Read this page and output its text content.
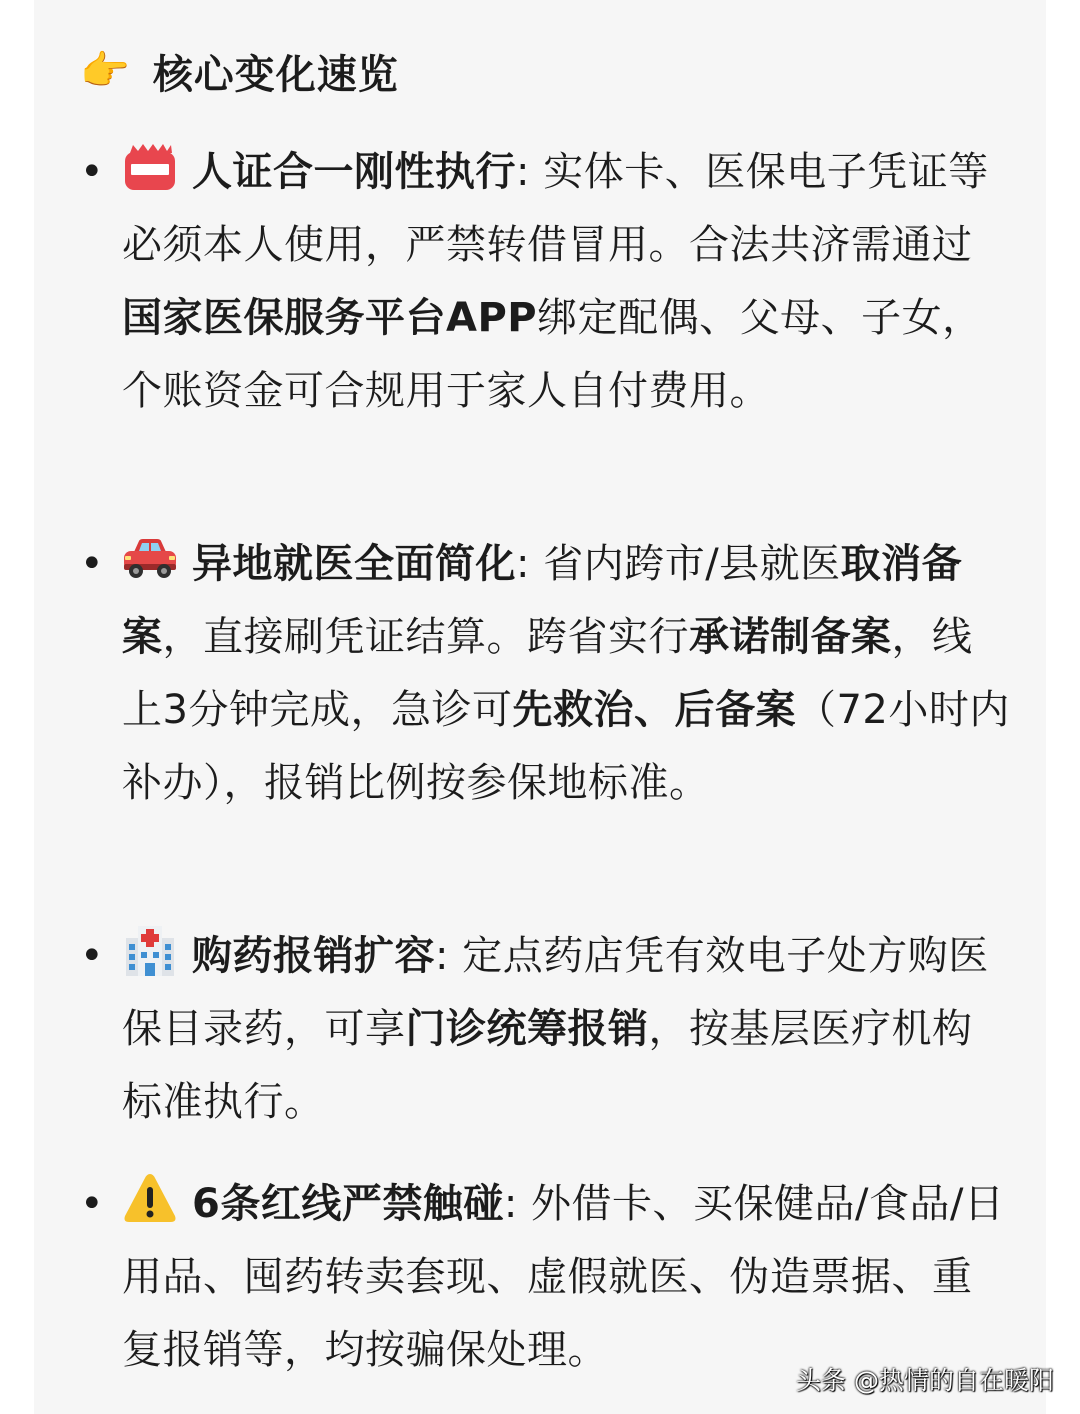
👉 核心变化速览
• 人证合一刚性执行: 实体卡、医保电子凭证等必须本人使用，严禁转借冒用。合法共济需通过国家医保服务平台APP绑定配偶、父母、子女，个账资金可合规用于家人自付费用。
• 异地就医全面简化: 省内跨市/县就医取消备案，直接刷凭证结算。跨省实行承诺制备案，线上3分钟完成，急诊可先救治、后备案（72小时内补办），报销比例按参保地标准。
• 购药报销扩容: 定点药店凭有效电子处方购医保目录药，可享门诊统筹报销，按基层医疗机构标准执行。
• 6条红线严禁触碰: 外借卡、买保健品/食品/日用品、囤药转卖套现、虚假就医、伪造票据、重复报销等，均按骗保处理。
头条 @热情的自在暖阳
